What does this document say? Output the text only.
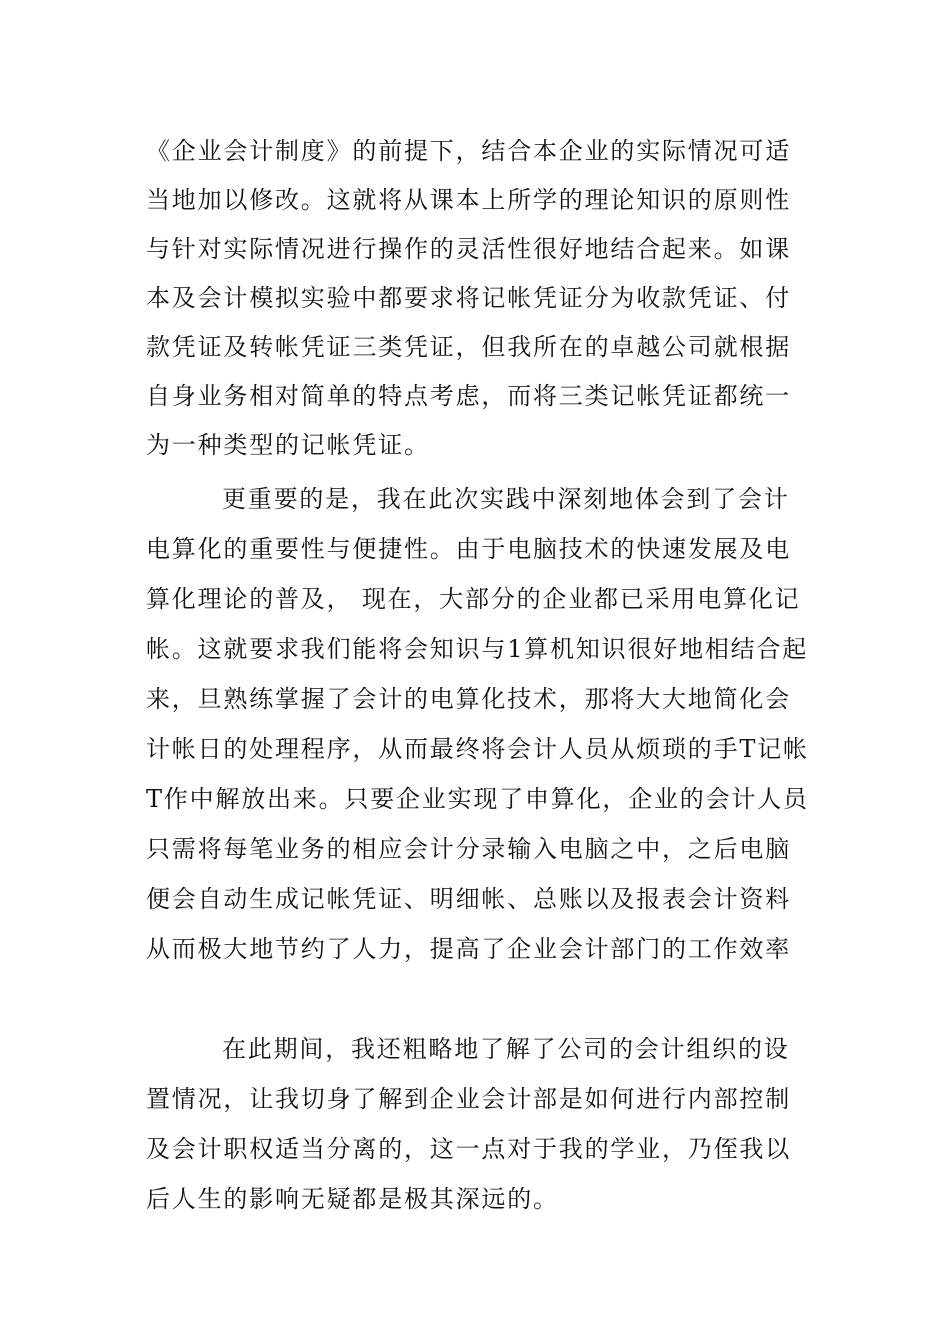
《企业会计制度》的前提下，结合本企业的实际情况可适
当地加以修改。这就将从课本上所学的理论知识的原则性
与针对实际情况进行操作的灵活性很好地结合起来。如课
本及会计模拟实验中都要求将记帐凭证分为收款凭证、付
款凭证及转帐凭证三类凭证，但我所在的卓越公司就根据
自身业务相对简单的特点考虑，而将三类记帐凭证都统一
为一种类型的记帐凭证。
更重要的是，我在此次实践中深刻地体会到了会计
电算化的重要性与便捷性。由于电脑技术的快速发展及电
算化理论的普及， 现在，大部分的企业都已采用电算化记
帐。这就要求我们能将会知识与1算机知识很好地相结合起
来，旦熟练掌握了会计的电算化技术，那将大大地简化会
计帐日的处理程序，从而最终将会计人员从烦琐的手T记帐
T作中解放出来。只要企业实现了申算化，企业的会计人员
只需将每笔业务的相应会计分录输入电脑之中，之后电脑
便会自动生成记帐凭证、明细帐、总账以及报表会计资料
从而极大地节约了人力，提高了企业会计部门的工作效率
在此期间，我还粗略地了解了公司的会计组织的设
置情况，让我切身了解到企业会计部是如何进行内部控制
及会计职权适当分离的，这一点对于我的学业，乃侄我以
后人生的影响无疑都是极其深远的。
